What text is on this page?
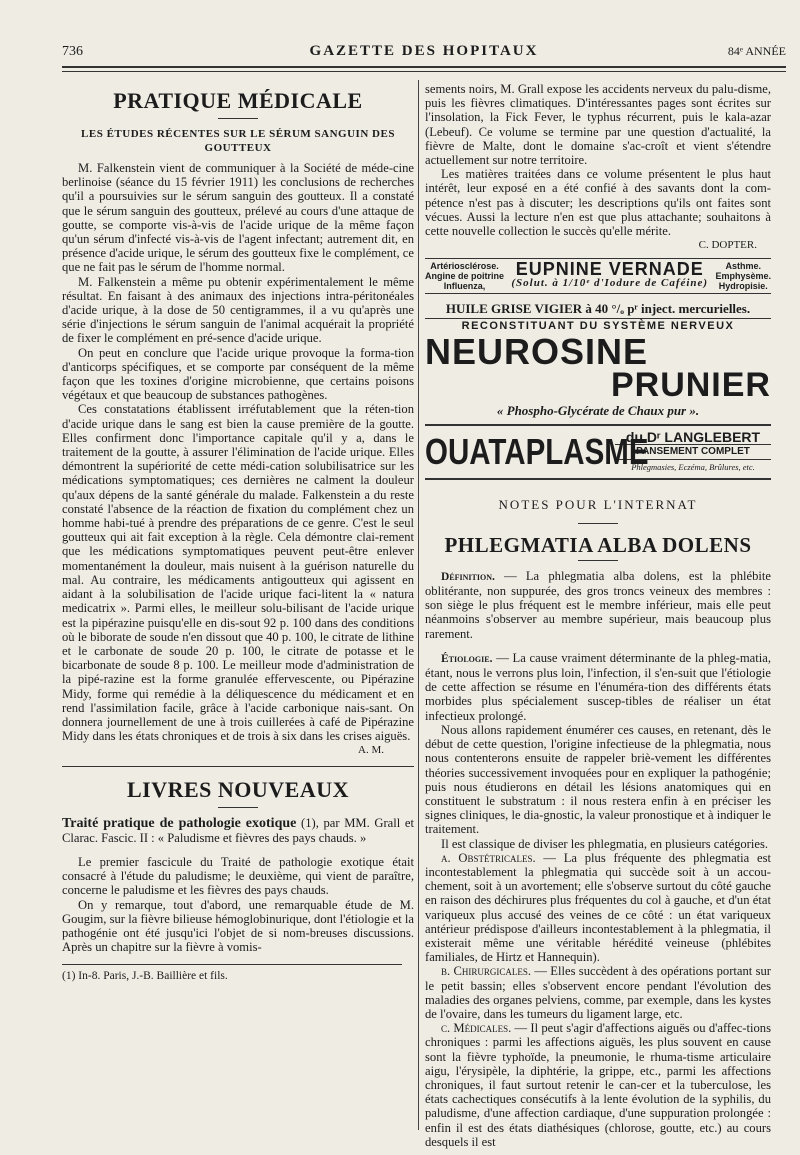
736	GAZETTE DES HOPITAUX	84ᵉ ANNÉE
PRATIQUE MÉDICALE
LES ÉTUDES RÉCENTES SUR LE SÉRUM SANGUIN DES GOUTTEUX

M. Falkenstein vient de communiquer à la Société de méde-cine berlinoise (séance du 15 février 1911) les conclusions de recherches qu'il a poursuivies sur le sérum sanguin des goutteux. Il a constaté que le sérum sanguin des goutteux, prélevé au cours d'une attaque de goutte, se comporte vis-à-vis de l'acide urique de la même façon qu'un sérum d'infecté vis-à-vis de l'agent infectant; autrement dit, en présence d'acide urique, le sérum des goutteux fixe le complément, ce que ne fait pas le sérum de l'homme normal.

M. Falkenstein a même pu obtenir expérimentalement le même résultat. En faisant à des animaux des injections intra-péritonéales d'acide urique, à la dose de 50 centigrammes, il a vu qu'après une série d'injections le sérum sanguin de l'animal acquérait la propriété de fixer le complément en pré-sence d'acide urique.

On peut en conclure que l'acide urique provoque la forma-tion d'anticorps spécifiques, et se comporte par conséquent de la même façon que les toxines d'origine microbienne, que certains poisons végétaux et que beaucoup de substances pathogènes.

Ces constatations établissent irréfutablement que la réten-tion d'acide urique dans le sang est bien la cause première de la goutte. Elles confirment donc l'importance capitale qu'il y a, dans le traitement de la goutte, à assurer l'élimination de l'acide urique. Elles démontrent la supériorité de cette médi-cation solubilisatrice sur les médications symptomatiques; ces dernières ne calment la douleur qu'aux dépens de la santé générale du malade. Falkenstein a du reste constaté l'absence de la réaction de fixation du complément chez un homme habi-tué à prendre des préparations de ce genre. C'est le seul goutteux qui ait fait exception à la règle. Cela démontre clai-rement que les médications symptomatiques peuvent peut-être enlever momentanément la douleur, mais nuisent à la guérison naturelle du mal. Au contraire, les médicaments antigoutteux qui agissent en aidant à la solubilisation de l'acide urique faci-litent la « natura medicatrix ». Parmi elles, le meilleur solu-bilisant de l'acide urique est la pipérazine puisqu'elle en dis-sout 92 p. 100 dans des conditions où le biborate de soude n'en dissout que 40 p. 100, le citrate de lithine et le carbonate de soude 20 p. 100, le citrate de potasse et le bicarbonate de soude 8 p. 100. Le meilleur mode d'administration de la pipé-razine est la forme granulée effervescente, ou Pipérazine Midy, forme qui remédie à la déliquescence du médicament et en rend l'assimilation facile, grâce à l'acide carbonique nais-sant. On donnera journellement de une à trois cuillerées à café de Pipérazine Midy dans les états chroniques et de trois à six dans les crises aiguës.

A. M.
LIVRES NOUVEAUX
Traité pratique de pathologie exotique (1), par MM. Grall et Clarac. Fascic. II : « Paludisme et fièvres des pays chauds. »

Le premier fascicule du Traité de pathologie exotique était consacré à l'étude du paludisme; le deuxième, qui vient de paraître, concerne le paludisme et les fièvres des pays chauds.

On y remarque, tout d'abord, une remarquable étude de M. Gougim, sur la fièvre bilieuse hémoglobinurique, dont l'étiologie et la pathogénie ont été jusqu'ici l'objet de si nom-breuses discussions. Après un chapitre sur la fièvre à vomis-

(1) In-8. Paris, J.-B. Baillière et fils.

sements noirs, M. Grall expose les accidents nerveux du palu-disme, puis les fièvres climatiques. D'intéressantes pages sont écrites sur l'insolation, la Fick Fever, le typhus récurrent, puis le kala-azar (Lebeuf). Ce volume se termine par une question d'actualité, la fièvre de Malte, dont le domaine s'ac-croît et vient s'étendre actuellement sur notre territoire.

Les matières traitées dans ce volume présentent le plus haut intérêt, leur exposé en a été confié à des savants dont la com-pétence n'est pas à discuter; les descriptions qu'ils ont faites sont vécues. Aussi la lecture n'en est que plus attachante; souhaitons à cette nouvelle collection le succès qu'elle mérite.

C. DOPTER.
Artériosclérose.
Angine de poitrine
Influenza,
EUPNINE VERNADE
(Solut. à 1/10ᵉ d'Iodure de Caféine)
Asthme.
Emphysème.
Hydropisie.
HUILE GRISE VIGIER à 40 °/ₒ pʳ inject. mercurielles.
RECONSTITUANT DU SYSTÈME NERVEUX
NEUROSINE
PRUNIER
« Phospho-Glycérate de Chaux pur ».
OUATAPLASME
du Dʳ LANGLEBERT
PANSEMENT COMPLET
Phlegmasies, Eczéma, Brûlures, etc.
NOTES POUR L'INTERNAT
PHLEGMATIA ALBA DOLENS

Définition. — La phlegmatia alba dolens, est la phlébite oblitérante, non suppurée, des gros troncs veineux des membres : son siège le plus fréquent est le membre inférieur, mais elle peut néanmoins s'observer au membre supérieur, mais beaucoup plus rarement.

Étiologie. — La cause vraiment déterminante de la phleg-matia, étant, nous le verrons plus loin, l'infection, il s'en-suit que l'étiologie de cette affection se résume en l'énuméra-tion des différents états morbides plus spécialement suscep-tibles de réaliser un état infectieux prolongé.

Nous allons rapidement énumérer ces causes, en retenant, dès le début de cette question, l'origine infectieuse de la phlegmatia, nous nous contenterons ensuite de rappeler briè-vement les différentes théories successivement invoquées pour en expliquer la pathogénie; puis nous étudierons en détail les lésions anatomiques qui en constituent le substratum : il nous restera enfin à en préciser les signes cliniques, le dia-gnostic, la valeur pronostique et à indiquer le traitement.

Il est classique de diviser les phlegmatia, en plusieurs catégories.

a. Obstétricales. — La plus fréquente des phlegmatia est incontestablement la phlegmatia qui succède soit à un accou-chement, soit à un avortement; elle s'observe surtout du côté gauche en raison des déchirures plus fréquentes du col à gauche, et d'un état variqueux plus accusé des veines de ce côté : un état variqueux antérieur prédispose d'ailleurs incontestablement à la phlegmatia, il existerait même une véritable hérédité veineuse (phlébites familiales, de Hirtz et Hannequin).

b. Chirurgicales. — Elles succèdent à des opérations portant sur le petit bassin; elles s'observent encore pendant l'évolution des maladies des organes pelviens, comme, par exemple, dans les kystes de l'ovaire, dans les tumeurs du ligament large, etc.

c. Médicales. — Il peut s'agir d'affections aiguës ou d'affec-tions chroniques : parmi les affections aiguës, les plus souvent en cause sont la fièvre typhoïde, la pneumonie, le rhuma-tisme articulaire aigu, l'érysipèle, la diphtérie, la grippe, etc., parmi les affections chroniques, il faut surtout retenir le can-cer et la tuberculose, les états cachectiques consécutifs à la lente évolution de la syphilis, du paludisme, d'une affection cardiaque, d'une suppuration prolongée : enfin il est des états diathésiques (chlorose, goutte, etc.) au cours desquels il est
